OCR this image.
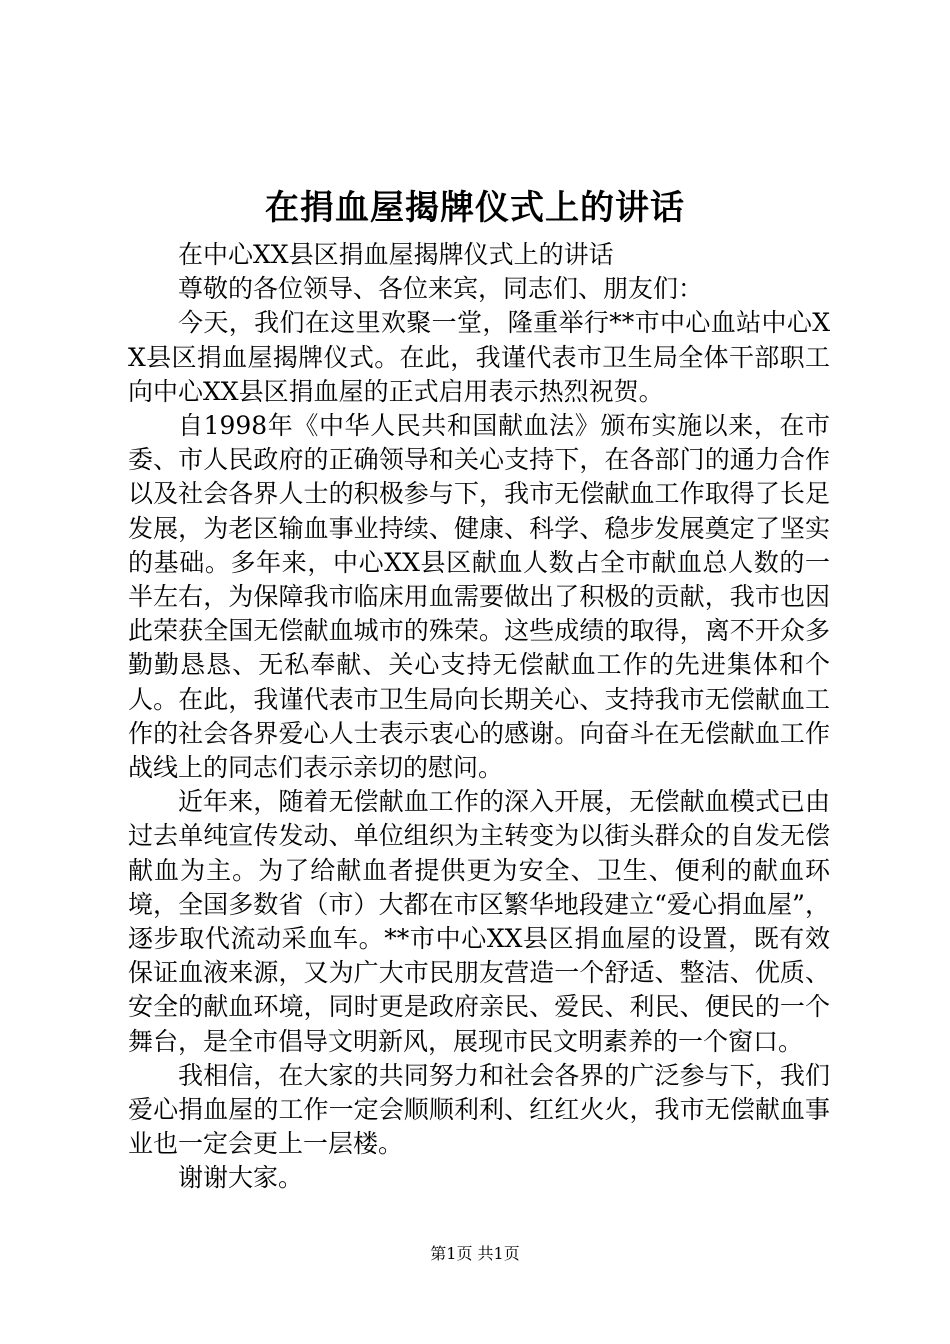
在捐血屋揭牌仪式上的讲话

在中心XX县区捐血屋揭牌仪式上的讲话

尊敬的各位领导、各位来宾，同志们、朋友们：

今天，我们在这里欢聚一堂，隆重举行**市中心血站中心XX县区捐血屋揭牌仪式。在此，我谨代表市卫生局全体干部职工向中心XX县区捐血屋的正式启用表示热烈祝贺。

自1998年《中华人民共和国献血法》颁布实施以来，在市委、市人民政府的正确领导和关心支持下，在各部门的通力合作以及社会各界人士的积极参与下，我市无偿献血工作取得了长足发展，为老区输血事业持续、健康、科学、稳步发展奠定了坚实的基础。多年来，中心XX县区献血人数占全市献血总人数的一半左右，为保障我市临床用血需要做出了积极的贡献，我市也因此荣获全国无偿献血城市的殊荣。这些成绩的取得，离不开众多勤勤恳恳、无私奉献、关心支持无偿献血工作的先进集体和个人。在此，我谨代表市卫生局向长期关心、支持我市无偿献血工作的社会各界爱心人士表示衷心的感谢。向奋斗在无偿献血工作战线上的同志们表示亲切的慰问。

近年来，随着无偿献血工作的深入开展，无偿献血模式已由过去单纯宣传发动、单位组织为主转变为以街头群众的自发无偿献血为主。为了给献血者提供更为安全、卫生、便利的献血环境，全国多数省（市）大都在市区繁华地段建立“爱心捐血屋”，逐步取代流动采血车。**市中心XX县区捐血屋的设置，既有效保证血液来源，又为广大市民朋友营造一个舒适、整洁、优质、安全的献血环境，同时更是政府亲民、爱民、利民、便民的一个舞台，是全市倡导文明新风，展现市民文明素养的一个窗口。

我相信，在大家的共同努力和社会各界的广泛参与下，我们爱心捐血屋的工作一定会顺顺利利、红红火火，我市无偿献血事业也一定会更上一层楼。

谢谢大家。

第1页 共1页
